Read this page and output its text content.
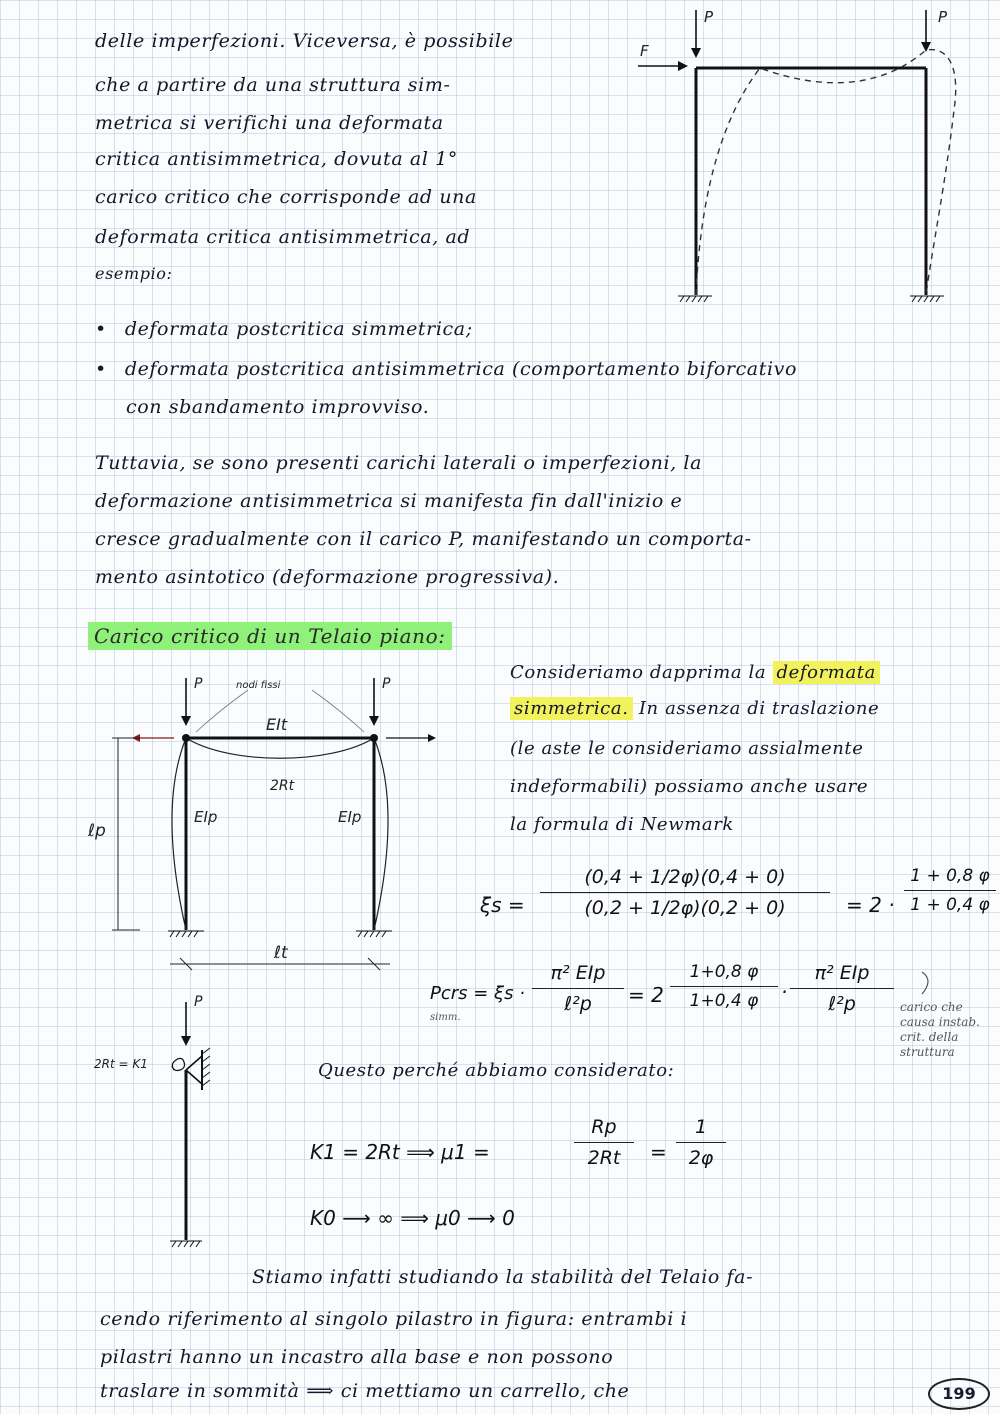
delle imperfezioni. Viceversa, è possibile
che a partire da una struttura sim-
metrica si verifichi una deformata
critica antisimmetrica, dovuta al 1°
carico critico che corrisponde ad una
deformata critica antisimmetrica, ad
esempio:
• deformata postcritica simmetrica;
• deformata postcritica antisimmetrica (comportamento biforcativo
con sbandamento improvviso.
Tuttavia, se sono presenti carichi laterali o imperfezioni, la
deformazione antisimmetrica si manifesta fin dall'inizio e
cresce gradualmente con il carico P, manifestando un comporta-
mento asintotico (deformazione progressiva).
Carico critico di un Telaio piano:
Consideriamo dapprima la deformata
simmetrica. In assenza di traslazione
(le aste le consideriamo assialmente
indeformabili) possiamo anche usare
la formula di Newmark
$\xi s = \frac{(0,4 + 1/2\varphi)(0,4 + 0)}{(0,2 + 1/2\varphi)(0,2 + 0)} = 2 \cdot \frac{1 + 0,8 \varphi}{1 + 0,4 \varphi}$
Pcrs = ξs ·
simm.
π² EIp
ℓ²p	= $2 \frac{1+0,8 \varphi}{1+0,4 \varphi}$ ·
π² EIp
ℓ²p	carico che
causa instab.
crit. della
struttura
Questo perché abbiamo considerato:
K1 = 2Rt ⟹ μ1 =	$\frac{Rp}{2Rt} = \frac{1}{2\varphi}$
K0 ⟶ ∞ ⟹ μ0 ⟶ 0
Stiamo infatti studiando la stabilità del Telaio fa-
cendo riferimento al singolo pilastro in figura: entrambi i
pilastri hanno un incastro alla base e non possono
traslare in sommità ⟹ ci mettiamo un carrello, che
P	P
F
P	P
nodi fissi
EIt
2Rt
EIp	EIp
ℓp
ℓt
P
2Rt = K1
199
